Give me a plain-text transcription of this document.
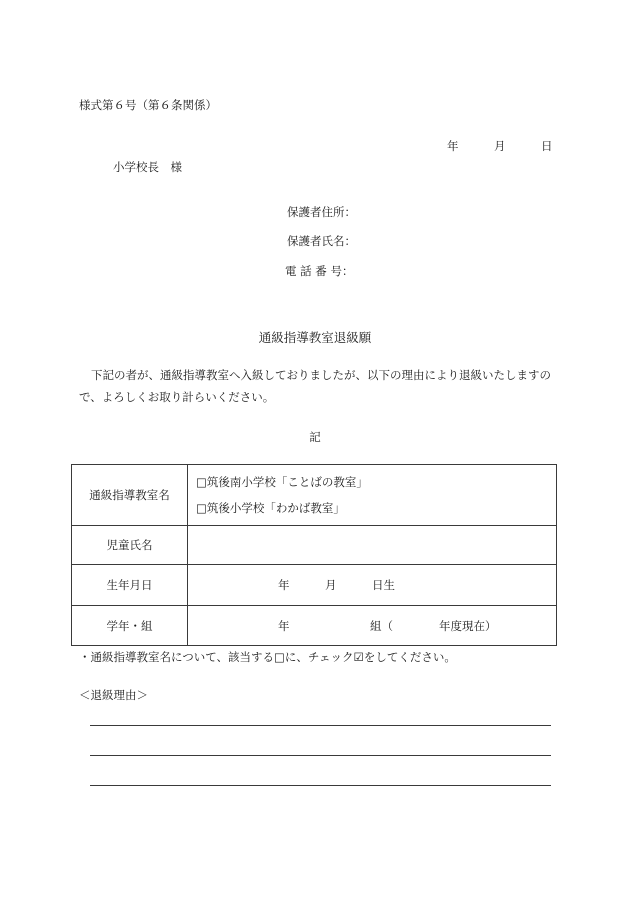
様式第６号（第６条関係）
年	月	日
小学校長　様
保護者住所：
保護者氏名：
電 話 番 号：
通級指導教室退級願
下記の者が、通級指導教室へ入級しておりましたが、以下の理由により退級いたしますので、よろしくお取り計らいください。
記
通級指導教室名	□筑後南小学校「ことばの教室」
□筑後小学校「わかば教室」

児童氏名	
生年月日	年 月 日生

学年・組	年 組（ 年度現在）
・通級指導教室名について、該当する□に、チェック☑をしてください。
＜退級理由＞
